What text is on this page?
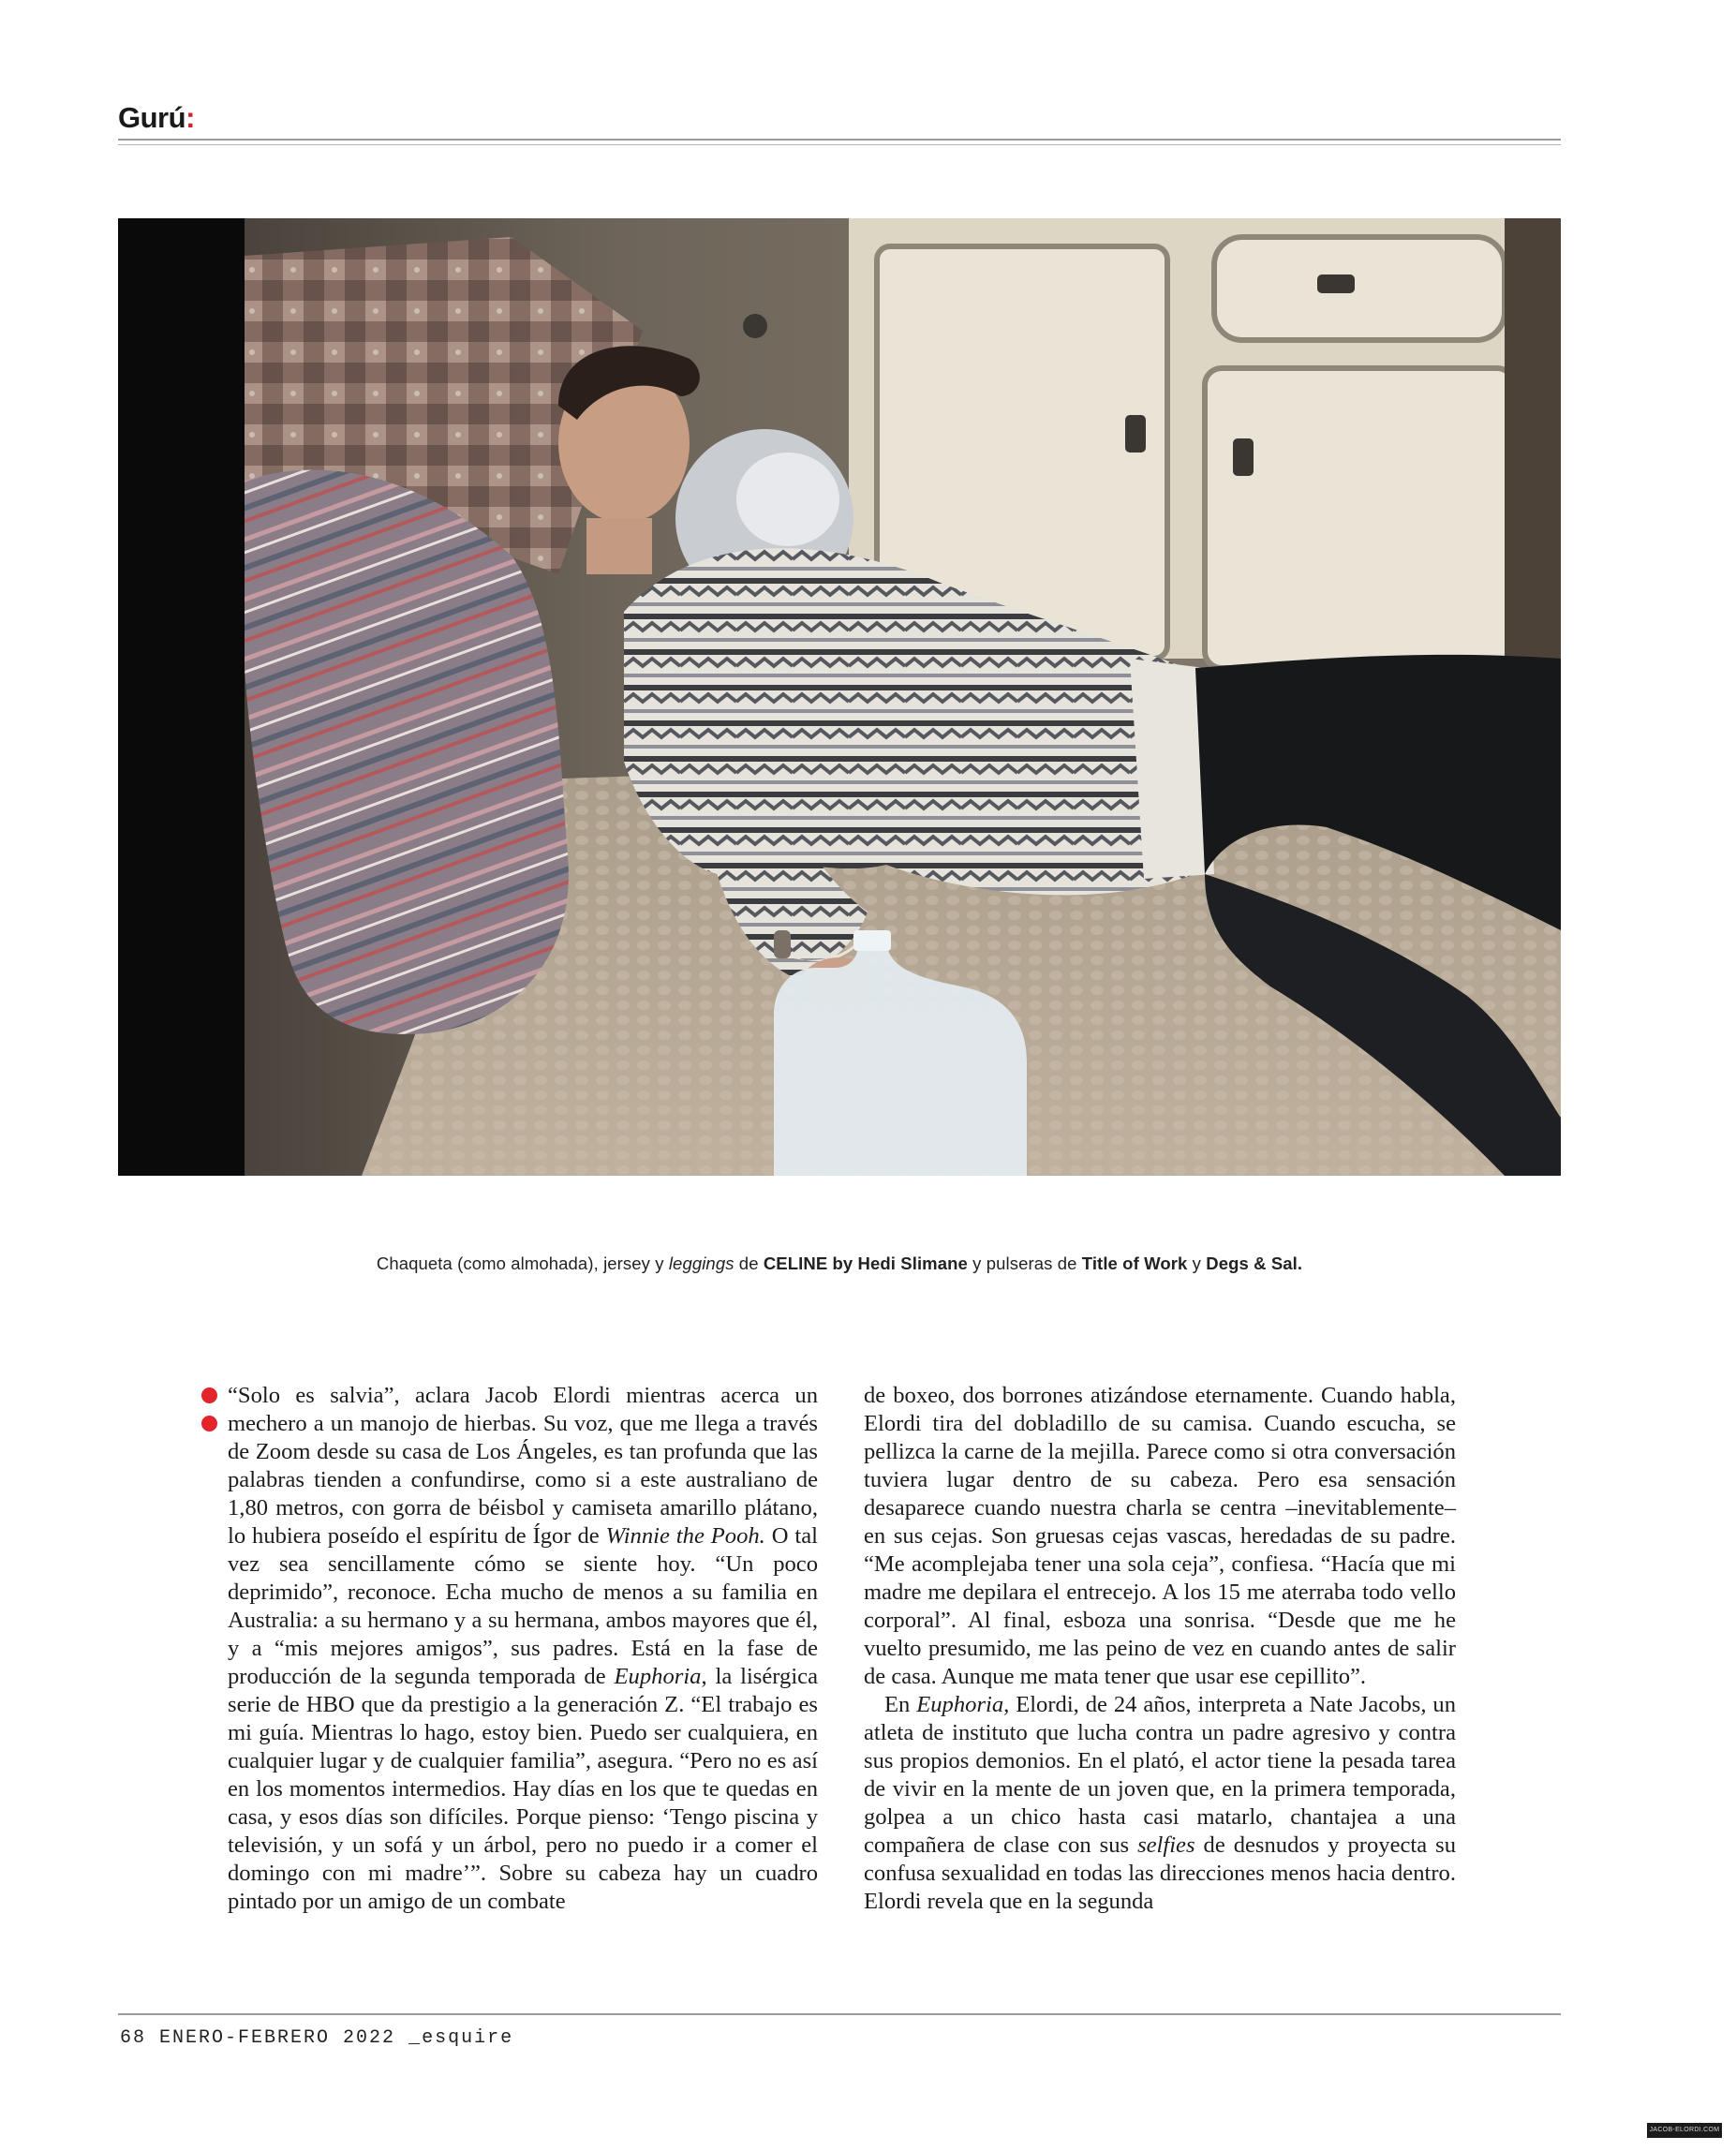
Gurú:
Chaqueta (como almohada), jersey y leggings de CELINE by Hedi Slimane y pulseras de Title of Work y Degs & Sal.

“Solo es salvia”, aclara Jacob Elordi mientras acerca un mechero a un manojo de hierbas. Su voz, que me llega a través de Zoom desde su casa de Los Ángeles, es tan profunda que las palabras tienden a confundirse, como si a este australiano de 1,80 metros, con gorra de béisbol y camiseta amarillo plátano, lo hubiera poseído el espíritu de Ígor de Winnie the Pooh. O tal vez sea sencillamente cómo se siente hoy. “Un poco deprimido”, reconoce. Echa mucho de menos a su familia en Australia: a su hermano y a su hermana, ambos mayores que él, y a “mis mejores amigos”, sus padres. Está en la fase de producción de la segunda temporada de Euphoria, la lisérgica serie de HBO que da prestigio a la generación Z. “El trabajo es mi guía. Mientras lo hago, estoy bien. Puedo ser cualquiera, en cualquier lugar y de cualquier familia”, asegura. “Pero no es así en los momentos intermedios. Hay días en los que te quedas en casa, y esos días son difíciles. Porque pienso: ‘Tengo piscina y televisión, y un sofá y un árbol, pero no puedo ir a comer el domingo con mi madre’”. Sobre su cabeza hay un cuadro pintado por un amigo de un combate

de boxeo, dos borrones atizándose eternamente. Cuando habla, Elordi tira del dobladillo de su camisa. Cuando escucha, se pellizca la carne de la mejilla. Parece como si otra conversación tuviera lugar dentro de su cabeza. Pero esa sensación desaparece cuando nuestra charla se centra –inevitablemente– en sus cejas. Son gruesas cejas vascas, heredadas de su padre. “Me acomplejaba tener una sola ceja”, confiesa. “Hacía que mi madre me depilara el entrecejo. A los 15 me aterraba todo vello corporal”. Al final, esboza una sonrisa. “Desde que me he vuelto presumido, me las peino de vez en cuando antes de salir de casa. Aunque me mata tener que usar ese cepillito”.

En Euphoria, Elordi, de 24 años, interpreta a Nate Jacobs, un atleta de instituto que lucha contra un padre agresivo y contra sus propios demonios. En el plató, el actor tiene la pesada tarea de vivir en la mente de un joven que, en la primera temporada, golpea a un chico hasta casi matarlo, chantajea a una compañera de clase con sus selfies de desnudos y proyecta su confusa sexualidad en todas las direcciones menos hacia dentro. Elordi revela que en la segunda

68 ENERO-FEBRERO 2022 _esquire
JACOB-ELORDI.COM
